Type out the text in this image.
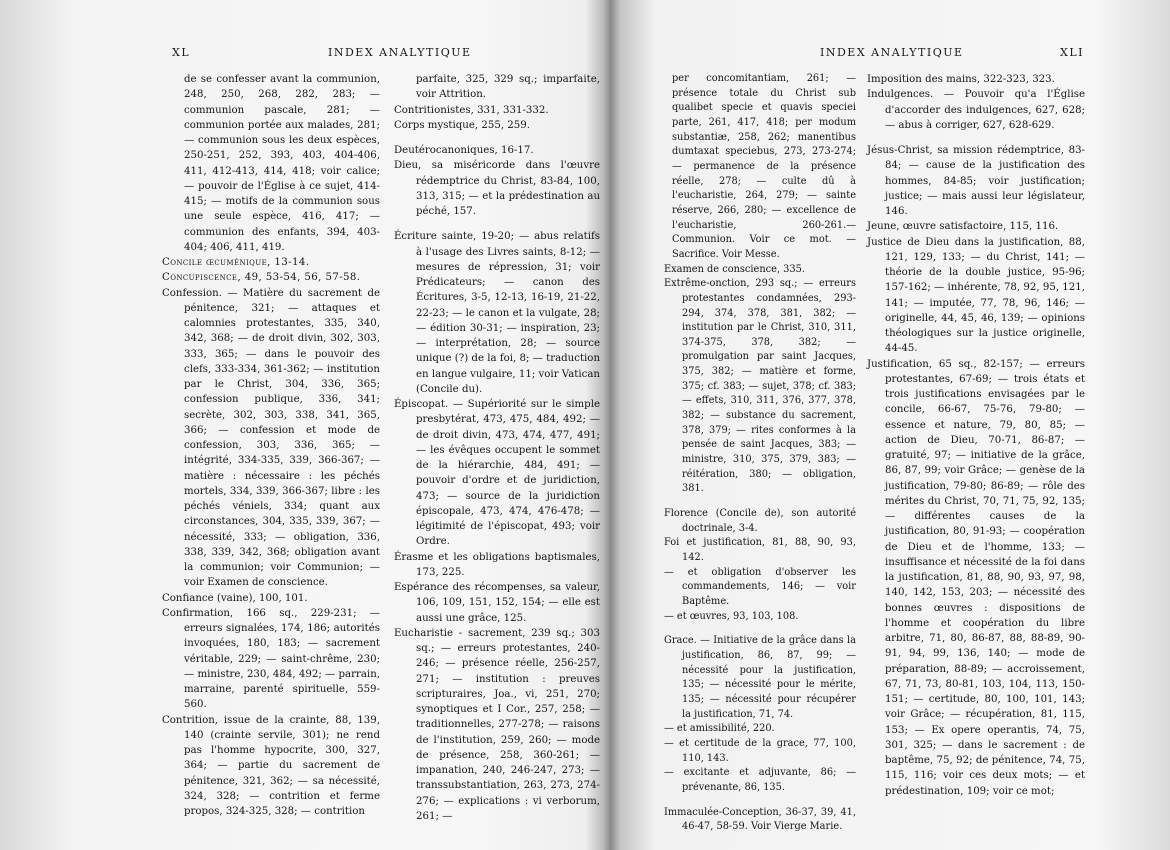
XL	INDEX ANALYTIQUE

de se confesser avant la communion, 248, 250, 268, 282, 283; — communion pascale, 281; — communion portée aux malades, 281; — communion sous les deux espèces, 250-251, 252, 393, 403, 404-406, 411, 412-413, 414, 418; voir calice; — pouvoir de l'Église à ce sujet, 414-415; — motifs de la communion sous une seule espèce, 416, 417; — communion des enfants, 394, 403-404; 406, 411, 419.

Concile œcuménique, 13-14.

Concupiscence, 49, 53-54, 56, 57-58.

Confession. — Matière du sacrement de pénitence, 321; — attaques et calomnies protestantes, 335, 340, 342, 368; — de droit divin, 302, 303, 333, 365; — dans le pouvoir des clefs, 333-334, 361-362; — institution par le Christ, 304, 336, 365; confession publique, 336, 341; secrète, 302, 303, 338, 341, 365, 366; — confession et mode de confession, 303, 336, 365; — intégrité, 334-335, 339, 366-367; — matière : nécessaire : les péchés mortels, 334, 339, 366-367; libre : les péchés véniels, 334; quant aux circonstances, 304, 335, 339, 367; — nécessité, 333; — obligation, 336, 338, 339, 342, 368; obligation avant la communion; voir Communion; — voir Examen de conscience.

Confiance (vaine), 100, 101.

Confirmation, 166 sq., 229-231; — erreurs signalées, 174, 186; autorités invoquées, 180, 183; — sacrement véritable, 229; — saint-chrême, 230; — ministre, 230, 484, 492; — parrain, marraine, parenté spirituelle, 559-560.

Contrition, issue de la crainte, 88, 139, 140 (crainte servile, 301); ne rend pas l'homme hypocrite, 300, 327, 364; — partie du sacrement de pénitence, 321, 362; — sa nécessité, 324, 328; — contrition et ferme propos, 324-325, 328; — contrition

parfaite, 325, 329 sq.; imparfaite, voir Attrition.

Contritionistes, 331, 331-332.

Corps mystique, 255, 259.

Deutérocanoniques, 16-17.

Dieu, sa miséricorde dans l'œuvre rédemptrice du Christ, 83-84, 100, 313, 315; — et la prédestination au péché, 157.

Écriture sainte, 19-20; — abus relatifs à l'usage des Livres saints, 8-12; — mesures de répression, 31; voir Prédicateurs; — canon des Écritures, 3-5, 12-13, 16-19, 21-22, 22-23; — le canon et la vulgate, 28; — édition 30-31; — inspiration, 23; — interprétation, 28; — source unique (?) de la foi, 8; — traduction en langue vulgaire, 11; voir Vatican (Concile du).

Épiscopat. — Supériorité sur le simple presbytérat, 473, 475, 484, 492; — de droit divin, 473, 474, 477, 491; — les évêques occupent le sommet de la hiérarchie, 484, 491; — pouvoir d'ordre et de juridiction, 473; — source de la juridiction épiscopale, 473, 474, 476-478; — légitimité de l'épiscopat, 493; voir Ordre.

Érasme et les obligations baptismales, 173, 225.

Espérance des récompenses, sa valeur, 106, 109, 151, 152, 154; — elle est aussi une grâce, 125.

Eucharistie - sacrement, 239 sq.; 303 sq.; — erreurs protestantes, 240-246; — présence réelle, 256-257, 271; — institution : preuves scripturaires, Joa., vi, 251, 270; synoptiques et I Cor., 257, 258; — traditionnelles, 277-278; — raisons de l'institution, 259, 260; — mode de présence, 258, 360-261; — impanation, 240, 246-247, 273; — transsubstantiation, 263, 273, 274-276; — explications : vi verborum, 261; —

INDEX ANALYTIQUE	XLI

per concomitantiam, 261; — présence totale du Christ sub qualibet specie et quavis speciei parte, 261, 417, 418; per modum substantiæ, 258, 262; manentibus dumtaxat speciebus, 273, 273-274; — permanence de la présence réelle, 278; — culte dû à l'eucharistie, 264, 279; — sainte réserve, 266, 280; — excellence de l'eucharistie, 260-261.— Communion. Voir ce mot. — Sacrifice. Voir Messe.

Examen de conscience, 335.

Extrême-onction, 293 sq.; — erreurs protestantes condamnées, 293-294, 374, 378, 381, 382; — institution par le Christ, 310, 311, 374-375, 378, 382; — promulgation par saint Jacques, 375, 382; — matière et forme, 375; cf. 383; — sujet, 378; cf. 383; — effets, 310, 311, 376, 377, 378, 382; — substance du sacrement, 378, 379; — rites conformes à la pensée de saint Jacques, 383; — ministre, 310, 375, 379, 383; — réitération, 380; — obligation, 381.

Florence (Concile de), son autorité doctrinale, 3-4.

Foi et justification, 81, 88, 90, 93, 142.

— et obligation d'observer les commandements, 146; — voir Baptême.

— et œuvres, 93, 103, 108.

Grace. — Initiative de la grâce dans la justification, 86, 87, 99; — nécessité pour la justification, 135; — nécessité pour le mérite, 135; — nécessité pour récupérer la justification, 71, 74.

— et amissibilité, 220.

— et certitude de la grace, 77, 100, 110, 143.

— excitante et adjuvante, 86; — prévenante, 86, 135.

Immaculée-Conception, 36-37, 39, 41, 46-47, 58-59. Voir Vierge Marie.

Imposition des mains, 322-323, 323.

Indulgences. — Pouvoir qu'a l'Église d'accorder des indulgences, 627, 628; — abus à corriger, 627, 628-629.

Jésus-Christ, sa mission rédemptrice, 83-84; — cause de la justification des hommes, 84-85; voir justification; justice; — mais aussi leur législateur, 146.

Jeune, œuvre satisfactoire, 115, 116.

Justice de Dieu dans la justification, 88, 121, 129, 133; — du Christ, 141; — théorie de la double justice, 95-96; 157-162; — inhérente, 78, 92, 95, 121, 141; — imputée, 77, 78, 96, 146; — originelle, 44, 45, 46, 139; — opinions théologiques sur la justice originelle, 44-45.

Justification, 65 sq., 82-157; — erreurs protestantes, 67-69; — trois états et trois justifications envisagées par le concile, 66-67, 75-76, 79-80; — essence et nature, 79, 80, 85; — action de Dieu, 70-71, 86-87; — gratuité, 97; — initiative de la grâce, 86, 87, 99; voir Grâce; — genèse de la justification, 79-80; 86-89; — rôle des mérites du Christ, 70, 71, 75, 92, 135; — différentes causes de la justification, 80, 91-93; — coopération de Dieu et de l'homme, 133; — insuffisance et nécessité de la foi dans la justification, 81, 88, 90, 93, 97, 98, 140, 142, 153, 203; — nécessité des bonnes œuvres : dispositions de l'homme et coopération du libre arbitre, 71, 80, 86-87, 88, 88-89, 90-91, 94, 99, 136, 140; — mode de préparation, 88-89; — accroissement, 67, 71, 73, 80-81, 103, 104, 113, 150-151; — certitude, 80, 100, 101, 143; voir Grâce; — récupération, 81, 115, 153; — Ex opere operantis, 74, 75, 301, 325; — dans le sacrement : de baptême, 75, 92; de pénitence, 74, 75, 115, 116; voir ces deux mots; — et prédestination, 109; voir ce mot;
